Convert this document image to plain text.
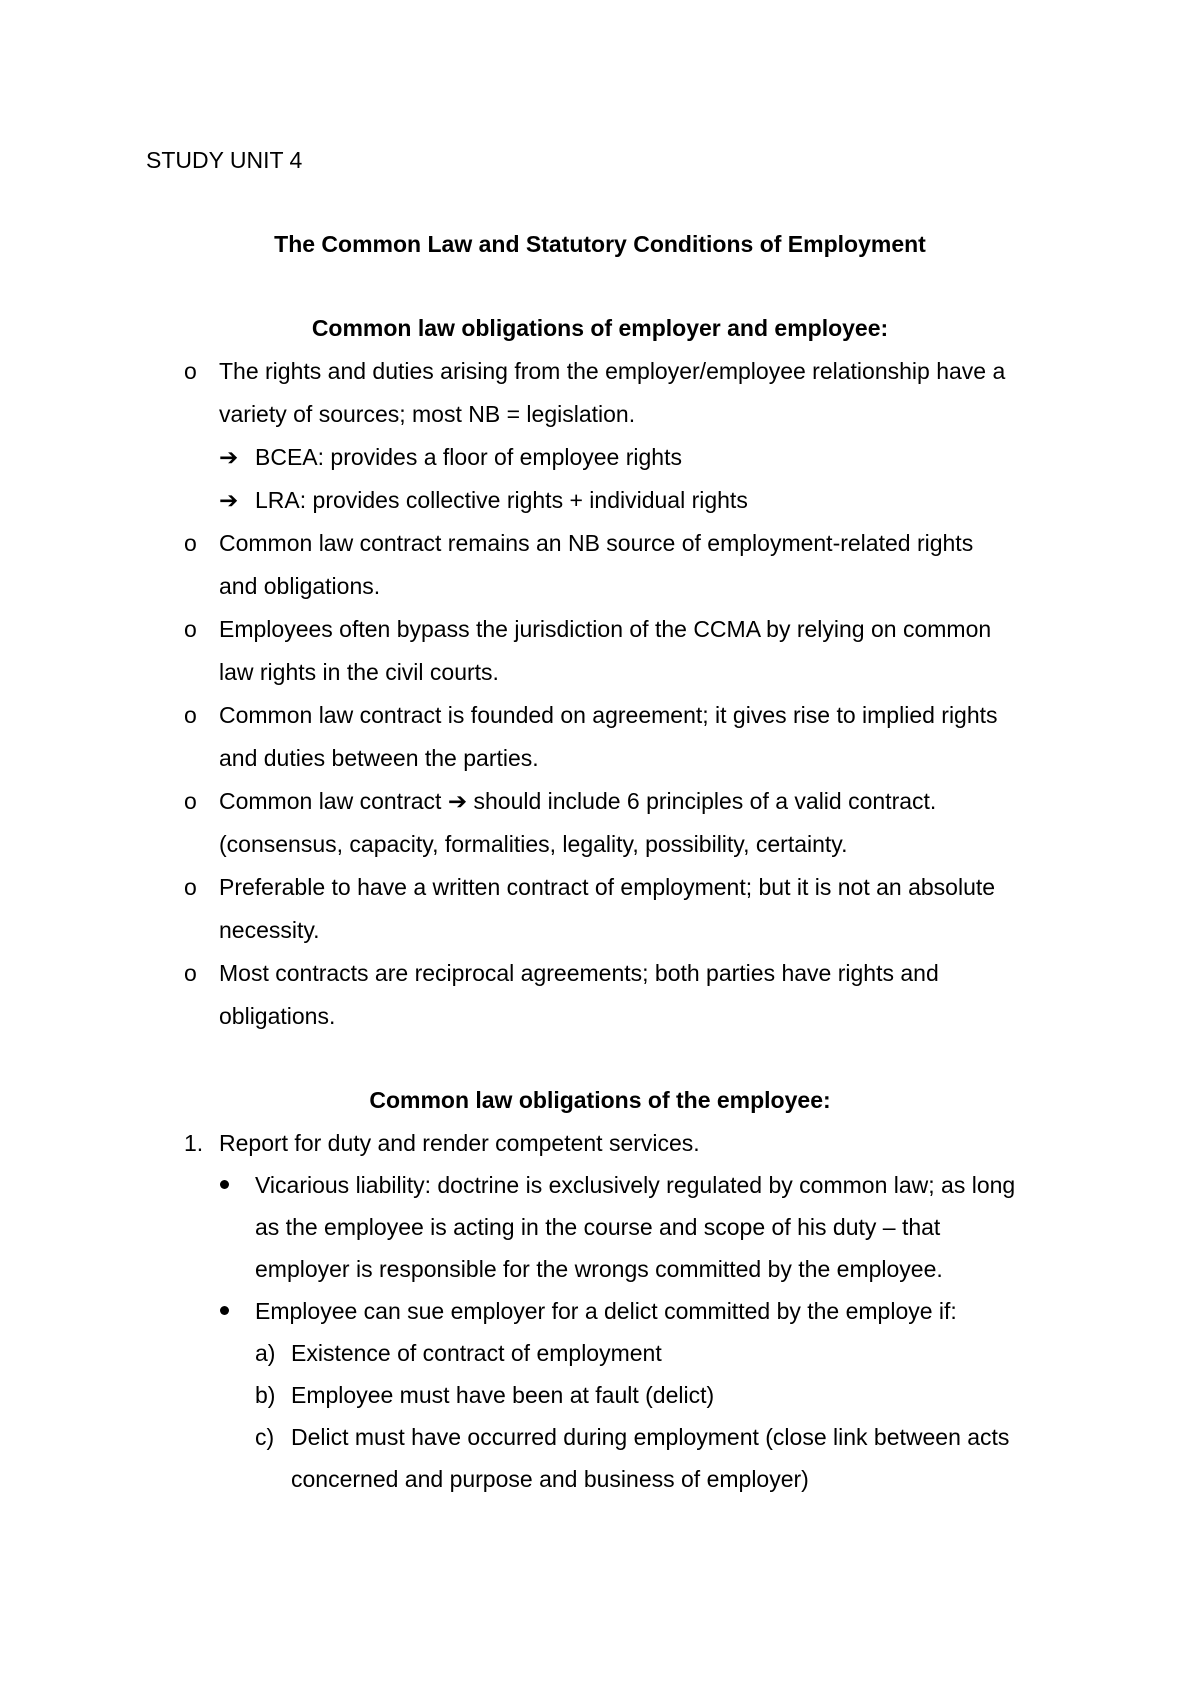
STUDY UNIT 4
The Common Law and Statutory Conditions of Employment
Common law obligations of employer and employee:
o The rights and duties arising from the employer/employee relationship have a
variety of sources; most NB = legislation.
➔ BCEA: provides a floor of employee rights
➔ LRA: provides collective rights + individual rights
o Common law contract remains an NB source of employment-related rights
and obligations.
o Employees often bypass the jurisdiction of the CCMA by relying on common
law rights in the civil courts.
o Common law contract is founded on agreement; it gives rise to implied rights
and duties between the parties.
o Common law contract ➔ should include 6 principles of a valid contract.
(consensus, capacity, formalities, legality, possibility, certainty.
o Preferable to have a written contract of employment; but it is not an absolute
necessity.
o Most contracts are reciprocal agreements; both parties have rights and
obligations.
Common law obligations of the employee:
1. Report for duty and render competent services.
Vicarious liability: doctrine is exclusively regulated by common law; as long
as the employee is acting in the course and scope of his duty – that
employer is responsible for the wrongs committed by the employee.
Employee can sue employer for a delict committed by the employe if:
a) Existence of contract of employment
b) Employee must have been at fault (delict)
c) Delict must have occurred during employment (close link between acts
concerned and purpose and business of employer)
